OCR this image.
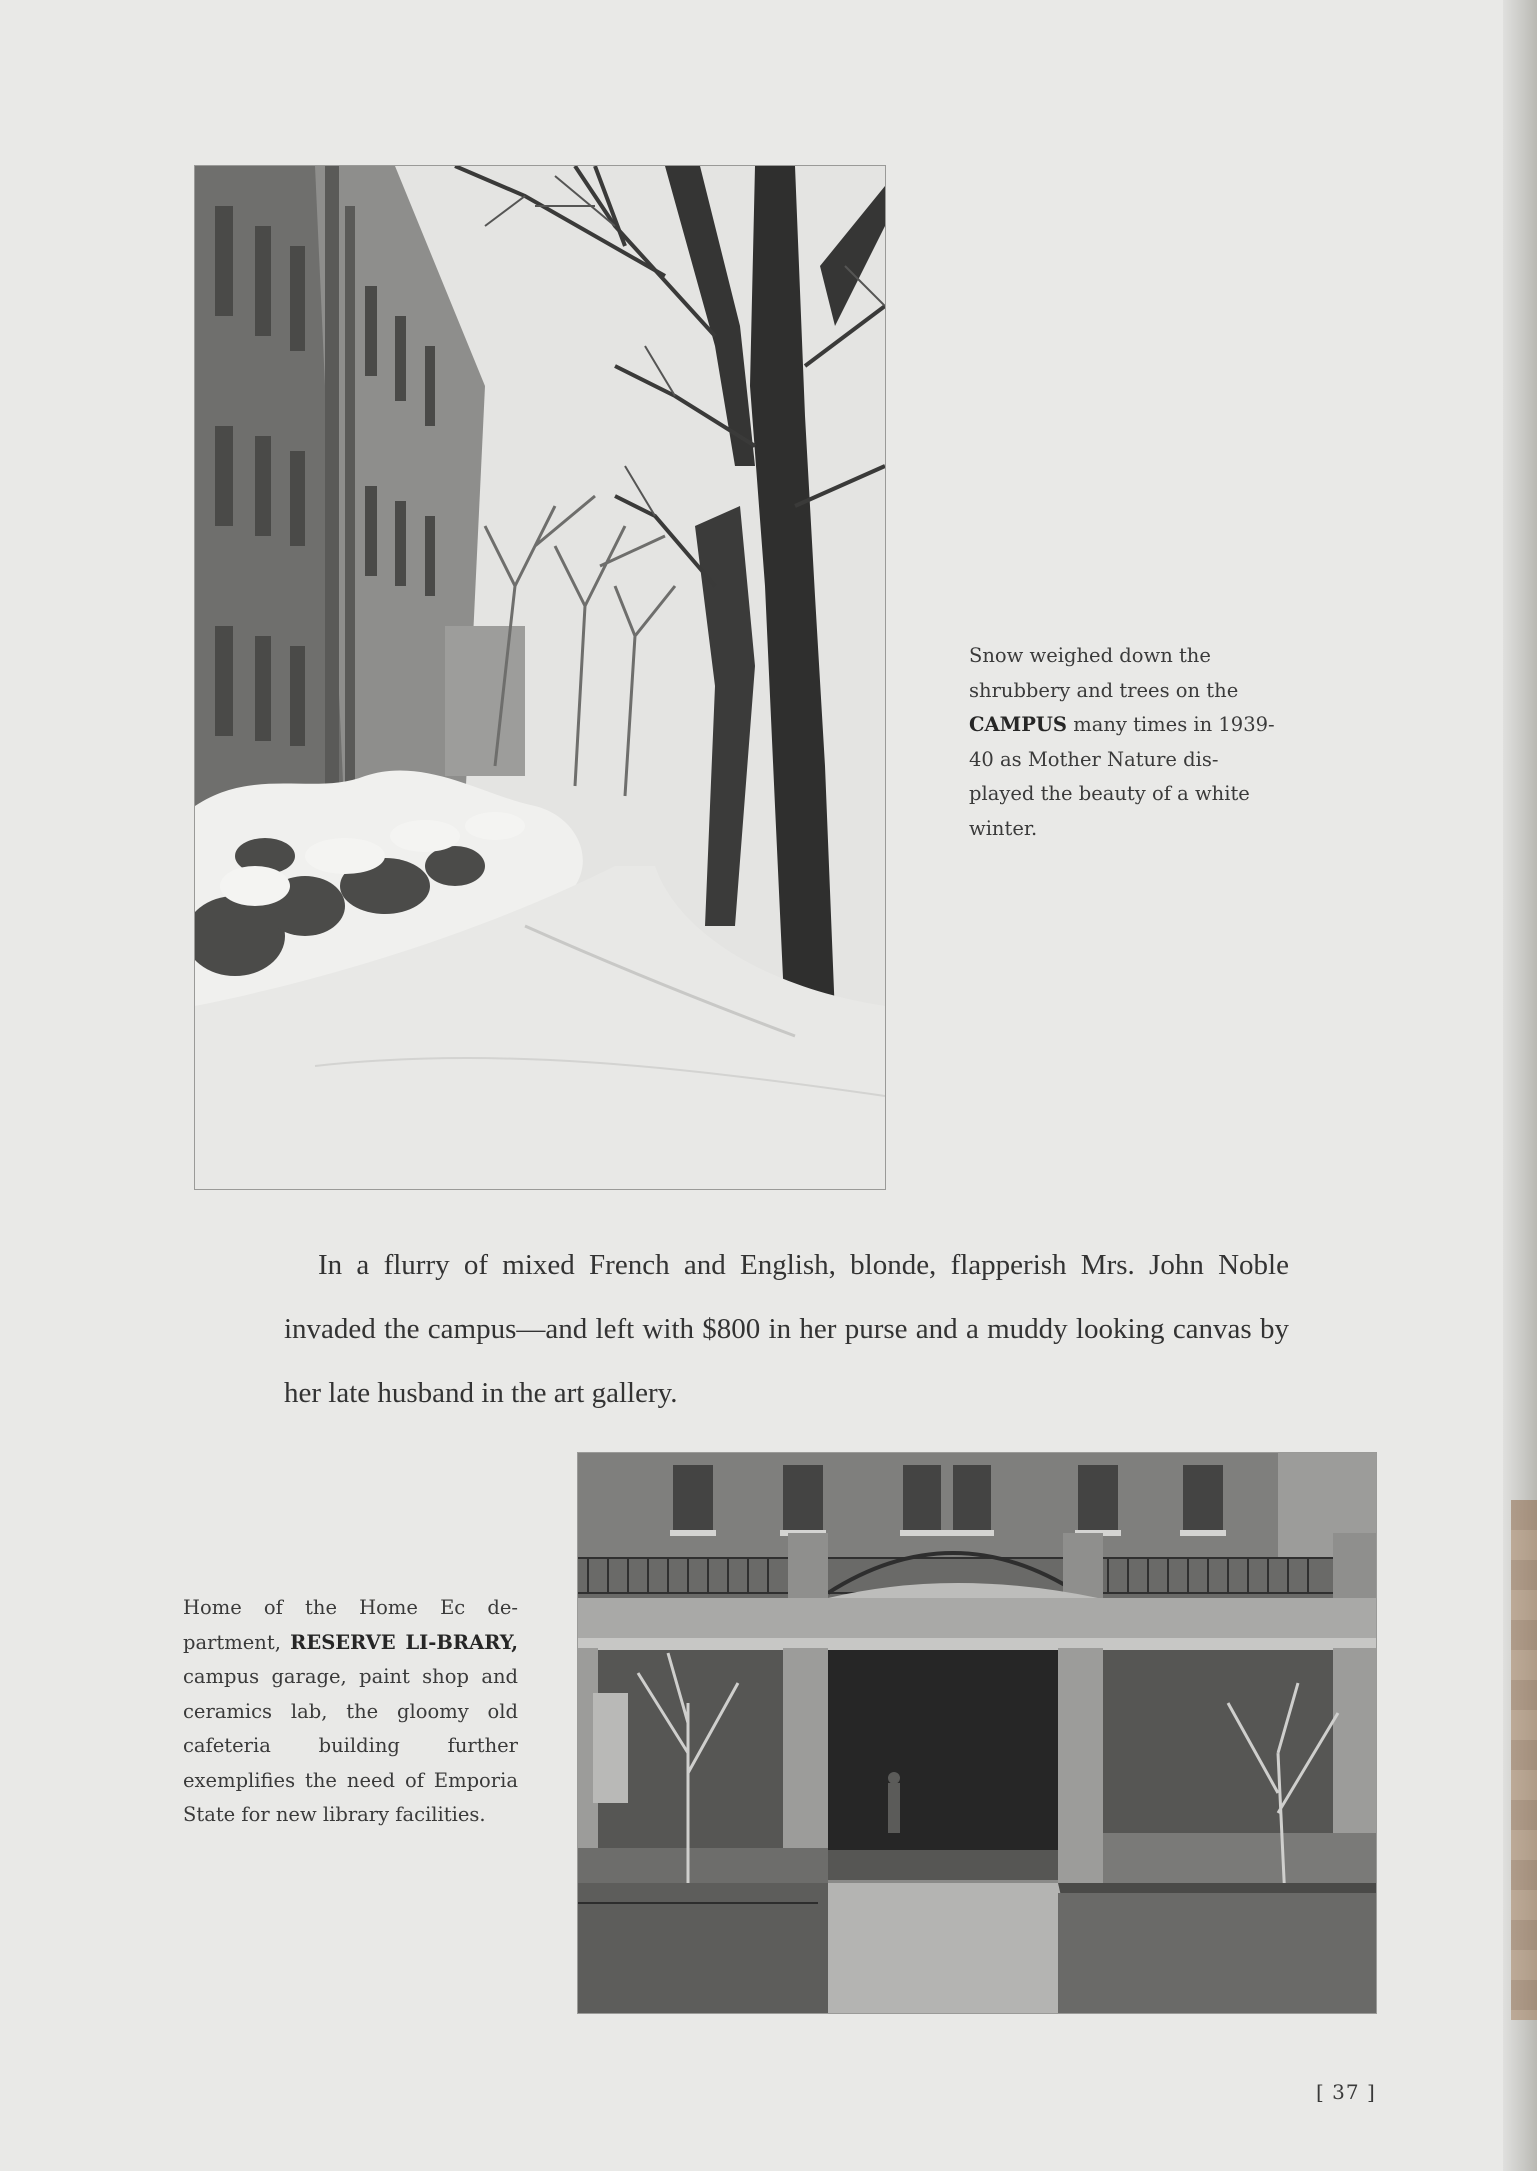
Snow weighed down the
shrubbery and trees on the
CAMPUS many times in 1939-
40 as Mother Nature dis-
played the beauty of a white
winter.
In a flurry of mixed French and English, blonde, flapperish Mrs. John Noble invaded the campus—and left with $800 in her purse and a muddy looking canvas by her late husband in the art gallery.
Home of the Home Ec de-partment, RESERVE LI-BRARY, campus garage, paint shop and ceramics lab, the gloomy old cafeteria building further exemplifies the need of Emporia State for new library facilities.
[ 37 ]
